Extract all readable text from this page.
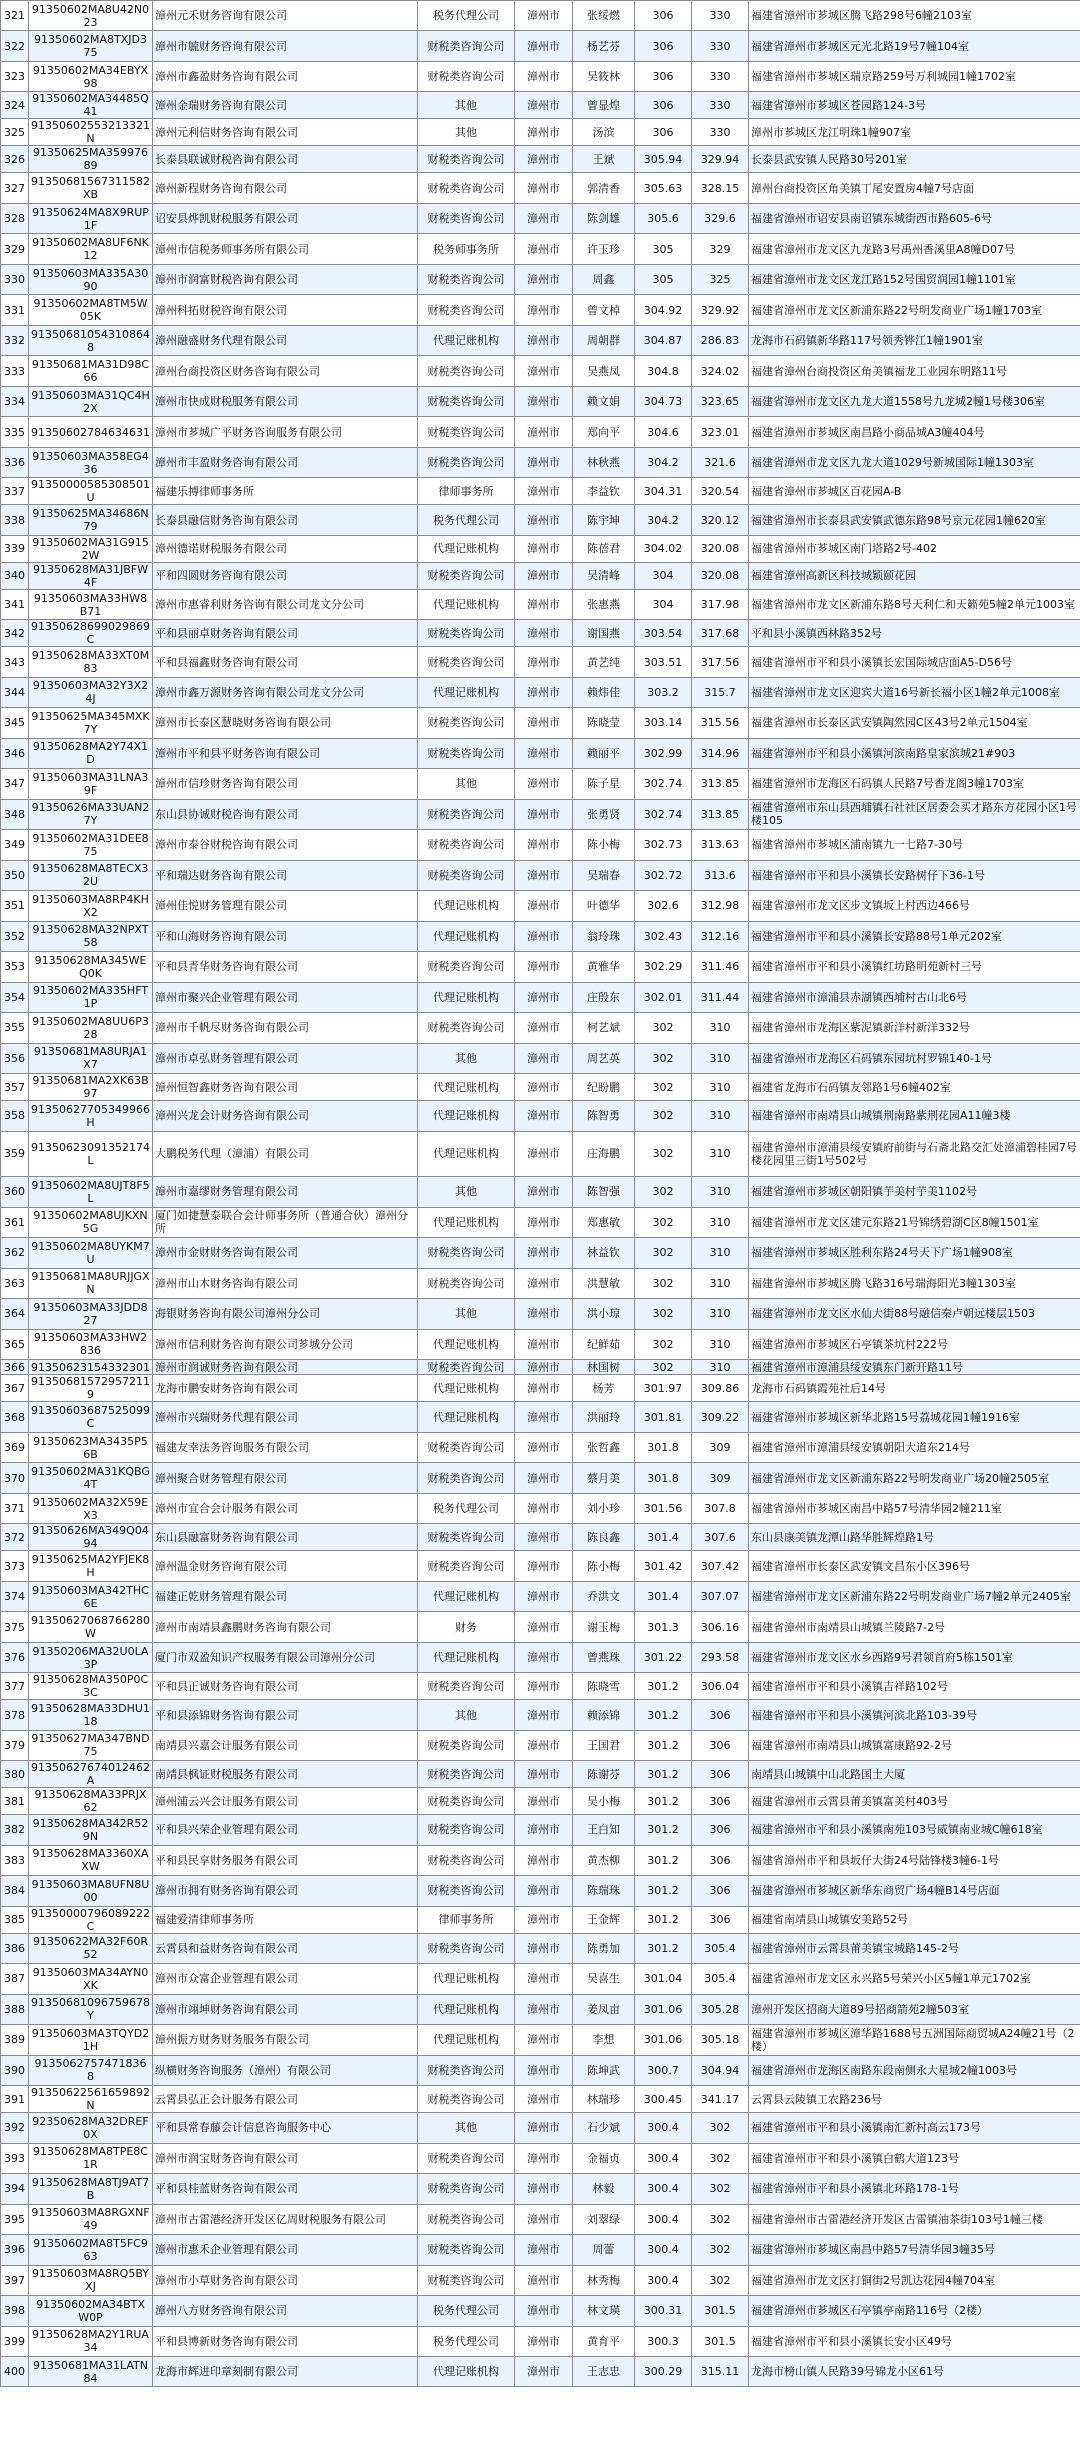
321	91350602MA8U42N023	漳州元禾财务咨询有限公司	税务代理公司	漳州市	张绥燃	306	330	福建省漳州市芗城区腾飞路298号6幢2103室
322	91350602MA8TXJD375	漳州市毓财务咨询有限公司	财税类咨询公司	漳州市	杨艺芬	306	330	福建省漳州市芗城区元光北路19号7幢104室
323	91350602MA34EBYX98	漳州市鑫盈财务咨询有限公司	财税类咨询公司	漳州市	吴筱林	306	330	福建省漳州市芗城区瑞京路259号万利城园1幢1702室
324	91350602MA34485Q41	漳州金瑞财务咨询有限公司	其他	漳州市	曾显煌	306	330	福建省漳州市芗城区苍园路124-3号
325	91350602553213321N	漳州元利信财务咨询有限公司	其他	漳州市	汤滨	306	330	漳州市芗城区龙江明珠1幢907室
326	91350625MA35997689	长泰县联诚财税咨询有限公司	财税类咨询公司	漳州市	王斌	305.94	329.94	长泰县武安镇人民路30号201室
327	91350681567311582XB	漳州新程财务咨询有限公司	财税类咨询公司	漳州市	郭清香	305.63	328.15	漳州台商投资区角美镇丁尾安置房4幢7号店面
328	91350624MA8X9RUP1F	诏安县烨凯财税服务有限公司	财税类咨询公司	漳州市	陈剑雄	305.6	329.6	福建省漳州市诏安县南诏镇东城街西市路605-6号
329	91350602MA8UF6NK12	漳州市信税务师事务所有限公司	税务师事务所	漳州市	许玉珍	305	329	福建省漳州市龙文区九龙路3号禹州香溪里A8幢D07号
330	91350603MA335A3090	漳州市润富财税咨询有限公司	财税类咨询公司	漳州市	周鑫	305	325	福建省漳州市龙文区龙江路152号国贸润园1幢1101室
331	91350602MA8TM5W05K	漳州科拓财税咨询有限公司	财税类咨询公司	漳州市	曾文棹	304.92	329.92	福建省漳州市龙文区新浦东路22号明发商业广场1幢1703室
332	91350681054310864 8	漳州融盛财务代理有限公司	代理记账机构	漳州市	周朝群	304.87	286.83	龙海市石码镇新华路117号领秀铧江1幢1901室
333	91350681MA31D98C66	漳州台商投资区财务咨询有限公司	财税类咨询公司	漳州市	吴燕凤	304.8	324.02	福建省漳州台商投资区角美镇福龙工业园东明路11号
334	91350603MA31QC4H2X	漳州市快成财税服务有限公司	财税类咨询公司	漳州市	赖文娟	304.73	323.65	福建省漳州市龙文区九龙大道1558号九龙城2幢1号楼306室
335	91350602784634631	漳州市芗城广平财务咨询服务有限公司	财税类咨询公司	漳州市	郑向平	304.6	323.01	福建省漳州市芗城区南昌路小商品城A3幢404号
336	91350603MA358EG436	漳州市丰盈财务咨询有限公司	财税类咨询公司	漳州市	林秋燕	304.2	321.6	福建省漳州市龙文区九龙大道1029号新城国际1幢1303室
337	91350000585308501U	福建乐搏律师事务所	律师事务所	漳州市	李益钦	304.31	320.54	福建省漳州市芗城区百花园A-B
338	91350625MA34686N79	长泰县融信财务咨询有限公司	税务代理公司	漳州市	陈宇坤	304.2	320.12	福建省漳州市长泰县武安镇武德东路98号京元花园1幢620室
339	91350602MA31G9152W	漳州德诺财税服务有限公司	代理记账机构	漳州市	陈蓓君	304.02	320.08	福建省漳州市芗城区南门塔路2号-402
340	91350628MA31JBFW4F	平和四圆财务咨询有限公司	财税类咨询公司	漳州市	吴清峰	304	320.08	福建省漳州高新区科技城颖颐花园
341	91350603MA33HW8B71	漳州市惠睿利财务咨询有限公司龙文分公司	代理记账机构	漳州市	张惠燕	304	317.98	福建省漳州市龙文区新浦东路8号天利仁和天籁苑5幢2单元1003室
342	91350628699029869C	平和县丽卓财务咨询有限公司	财税类咨询公司	漳州市	谢国燕	303.54	317.68	平和县小溪镇西林路352号
343	91350628MA33XT0M83	平和县福鑫财务咨询有限公司	财税类咨询公司	漳州市	黄艺纯	303.51	317.56	福建省漳州市平和县小溪镇长宏国际城店面A5-D56号
344	91350603MA32Y3X24J	漳州市鑫万源财务咨询有限公司龙文分公司	代理记账机构	漳州市	赖炜佳	303.2	315.7	福建省漳州市龙文区迎宾大道16号新长福小区1幢2单元1008室
345	91350625MA345MXK7Y	漳州市长泰区慧晓财务咨询有限公司	财税类咨询公司	漳州市	陈晓莹	303.14	315.56	福建省漳州市长泰区武安镇陶然园C区43号2单元1504室
346	91350628MA2Y74X1D	漳州市平和县平财务咨询有限公司	财税类咨询公司	漳州市	赖丽平	302.99	314.96	福建省漳州市平和县小溪镇河滨南路皇家滨城21#903
347	91350603MA31LNA39F	漳州市信珍财务咨询有限公司	其他	漳州市	陈子星	302.74	313.85	福建省漳州市龙海区石码镇人民路7号香龙阁3幢1703室
348	91350626MA33UAN27Y	东山县协诚财税咨询有限公司	财税类咨询公司	漳州市	张勇贤	302.74	313.85	福建省漳州市东山县西埔镇石社社区居委会买才路东方花园小区1号楼105
349	91350602MA31DEE875	漳州市泰谷财税咨询有限公司	财税类咨询公司	漳州市	陈小梅	302.73	313.63	福建省漳州市芗城区浦南镇九一七路7-30号
350	91350628MA8TECX32U	平和瑞达财务咨询有限公司	财税类咨询公司	漳州市	吴瑞春	302.72	313.6	福建省漳州市平和县小溪镇长安路树仔下36-1号
351	91350603MA8RP4KHX2	漳州佳悦财务管理有限公司	代理记账机构	漳州市	叶德华	302.6	312.98	福建省漳州市龙文区步文镇坂上村西边466号
352	91350628MA32NPXT58	平和山海财务咨询有限公司	代理记账机构	漳州市	翁玲珠	302.43	312.16	福建省漳州市平和县小溪镇长安路88号1单元202室
353	91350628MA345WEQ0K	平和县青华财务咨询有限公司	财税类咨询公司	漳州市	黄雅华	302.29	311.46	福建省漳州市平和县小溪镇红坊路明苑新村三号
354	91350602MA335HFT1P	漳州市聚兴企业管理有限公司	代理记账机构	漳州市	庄殷东	302.01	311.44	福建省漳州市漳浦县赤湖镇西埔村古山北6号
355	91350602MA8UU6P328	漳州市千帆尽财务咨询有限公司	财税类咨询公司	漳州市	柯艺斌	302	310	福建省漳州市龙海区紫泥镇新洋村新洋332号
356	91350681MA8URJA1X7	漳州市卓弘财务管理有限公司	其他	漳州市	周艺英	302	310	福建省漳州市龙海区石码镇东园坑村罗锦140-1号
357	91350681MA2XK63B97	漳州恒智鑫财务咨询有限公司	代理记账机构	漳州市	纪盼鹏	302	310	福建省龙海市石码镇友邻路1号6幢402室
358	91350627705349966H	漳州兴龙会计财务咨询有限公司	代理记账机构	漳州市	陈智勇	302	310	福建省漳州市南靖县山城镇荆南路紫荆花园A11幢3楼
359	91350623091352174L	大鹏税务代理（漳浦）有限公司	代理记账机构	漳州市	庄海鹏	302	310	福建省漳州市漳浦县绥安镇府前街与石斋北路交汇处漳浦碧桂园7号楼花园里三街1号502号
360	91350602MA8UJT8F5L	漳州市嘉缪财务管理有限公司	其他	漳州市	陈智强	302	310	福建省漳州市芗城区朝阳镇芋美村芋美1102号
361	91350602MA8UJKXN5G	厦门如捷慧泰联合会计师事务所（普通合伙）漳州分所	代理记账机构	漳州市	郑惠敏	302	310	福建省漳州市龙文区建元东路21号锦绣碧湖C区8幢1501室
362	91350602MA8UYKM7U	漳州市金财财务咨询有限公司	财税类咨询公司	漳州市	林益钦	302	310	福建省漳州市芗城区胜利东路24号天下广场1幢908室
363	91350681MA8URJJGXN	漳州市山木财务咨询有限公司	财税类咨询公司	漳州市	洪慧敏	302	310	福建省漳州市芗城区腾飞路316号瑞海阳光3幢1303室
364	91350603MA33JDD827	海银财务咨询有限公司漳州分公司	其他	漳州市	洪小琼	302	310	福建省漳州市龙文区水仙大街88号融信秦卢朝远楼层1503
365	91350603MA33HW2836	漳州市信利财务咨询有限公司芗城分公司	代理记账机构	漳州市	纪鲜茹	302	310	福建省漳州市芗城区石亭镇茶坑村222号
366	91350623154332301	漳州市润诚财务咨询有限公司	财税类咨询公司	漳州市	林国树	302	310	福建省漳州市漳浦县绥安镇东门新开路11号
367	91350681572957211 9	龙海市鹏安财务咨询有限公司	代理记账机构	漳州市	杨芳	301.97	309.86	龙海市石码镇霞苑社后14号
368	91350603687525099C	漳州市兴瑞财务代理有限公司	代理记账机构	漳州市	洪丽玲	301.81	309.22	福建省漳州市芗城区新华北路15号荔城花园1幢1916室
369	91350623MA3435P56B	福建友幸法务咨询服务有限公司	财税类咨询公司	漳州市	张哲鑫	301.8	309	福建省漳州市漳浦县绥安镇朝阳大道东214号
370	91350602MA31KQBG4T	漳州聚合财务管理有限公司	财税类咨询公司	漳州市	蔡月美	301.8	309	福建省漳州市龙文区新浦东路22号明发商业广场20幢2505室
371	91350602MA32X59EX3	漳州市宜合会计服务有限公司	税务代理公司	漳州市	刘小珍	301.56	307.8	福建省漳州市芗城区南昌中路57号清华园2幢211室
372	91350626MA349Q0494	东山县融富财务咨询有限公司	财税类咨询公司	漳州市	陈良鑫	301.4	307.6	东山县康美镇龙潭山路华胜辉煌路1号
373	91350625MA2YFJEK8H	漳州温金财务咨询有限公司	财税类咨询公司	漳州市	陈小梅	301.42	307.42	福建省漳州市长泰区武安镇文昌东小区396号
374	91350603MA342THC6E	福建正乾财务管理有限公司	代理记账机构	漳州市	乔洪文	301.4	307.07	福建省漳州市龙文区新浦东路22号明发商业广场7幢2单元2405室
375	91350627068766280W	漳州市南靖县鑫鹏财务咨询有限公司	财务	漳州市	谢玉梅	301.3	306.16	福建省漳州市南靖县山城镇兰陵路7-2号
376	91350206MA32U0LA3P	厦门市双盈知识产权服务有限公司漳州分公司	代理记账机构	漳州市	曾燕珠	301.22	293.58	福建省漳州市龙文区水乡西路9号君领首府5栋1501室
377	91350628MA350P0C3C	平和县正诚财务咨询有限公司	财税类咨询公司	漳州市	陈晓雪	301.2	306.04	福建省漳州市平和县小溪镇吉祥路102号
378	91350628MA33DHU118	平和县添锦财务咨询有限公司	其他	漳州市	赖添锦	301.2	306	福建省漳州市平和县小溪镇河滨北路103-39号
379	91350627MA347BND75	南靖县兴嘉会计服务有限公司	财税类咨询公司	漳州市	王国君	301.2	306	福建省漳州市南靖县山城镇富康路92-2号
380	91350627674012462A	南靖县枫证财税服务有限公司	财税类咨询公司	漳州市	陈谢芬	301.2	306	南靖县山城镇中山北路国土大厦
381	91350628MA33PRJX62	漳州浦云兴会计服务有限公司	财税类咨询公司	漳州市	吴小梅	301.2	306	福建省漳州市云霄县莆美镇富美村403号
382	91350628MA342R529N	平和县兴荣企业管理有限公司	财税类咨询公司	漳州市	王白知	301.2	306	福建省漳州市平和县小溪镇南苑103号威镇南业城C幢618室
383	91350628MA3360XAXW	平和县民享财务服务有限公司	财税类咨询公司	漳州市	黄杰柳	301.2	306	福建省漳州市平和县坂仔大街24号陆锋楼3幢6-1号
384	91350603MA8UFN8U00	漳州市拥有财务咨询有限公司	财税类咨询公司	漳州市	陈瑞珠	301.2	306	福建省漳州市芗城区新华东商贸广场4幢B14号店面
385	91350000796089222C	福建爱清律师事务所	律师事务所	漳州市	王金辉	301.2	306	福建省南靖县山城镇安美路52号
386	91350622MA32F60R52	云霄县和益财务咨询有限公司	财税类咨询公司	漳州市	陈勇加	301.2	305.4	福建省漳州市云霄县莆美镇宝城路145-2号
387	91350603MA34AYN0XK	漳州市众富企业管理有限公司	代理记账机构	漳州市	吴喜生	301.04	305.4	福建省漳州市龙文区永兴路5号荣兴小区5幢1单元1702室
388	91350681096759678Y	漳州市翊坤财务咨询有限公司	代理记账机构	漳州市	姜凤亩	301.06	305.28	漳州开发区招商大道89号招商箭苑2幢503室
389	91350603MA3TQYD21H	漳州振方财务财务服务有限公司	代理记账机构	漳州市	李想	301.06	305.18	福建省漳州市芗城区漳华路1688号五洲国际商贸城A24幢21号（2楼）
390	9135062757471836 8	纵横财务咨询服务（漳州）有限公司	财税类咨询公司	漳州市	陈坤武	300.7	304.94	福建省漳州市龙海区南路东段南侧永大星城2幢1003号
391	91350622561659892N	云霄县弘正会计服务有限公司	财税类咨询公司	漳州市	林瑞珍	300.45	341.17	云霄县云陵镇工农路236号
392	92350628MA32DREF0X	平和县常春藤会计信息咨询服务中心	其他	漳州市	石少斌	300.4	302	福建省漳州市平和县小溪镇南汇新村高云173号
393	91350628MA8TPE8C1R	漳州市润宝财务咨询有限公司	财税类咨询公司	漳州市	金福贞	300.4	302	福建省漳州市平和县小溪镇白鹤大道123号
394	91350628MA8TJ9AT7B	平和县桂蓝财务咨询有限公司	财税类咨询公司	漳州市	林毅	300.4	302	福建省漳州市平和县小溪镇北环路178-1号
395	91350603MA8RGXNF49	漳州市古雷港经济开发区亿周财税服务有限公司	财税类咨询公司	漳州市	刘翠绿	300.4	302	福建省漳州市古雷港经济开发区古雷镇油茶街103号1幢三楼
396	91350602MA8T5FC963	漳州市惠禾企业管理有限公司	财税类咨询公司	漳州市	周蕾	300.4	302	福建省漳州市芗城区南昌中路57号清华园3幢35号
397	91350603MA8RQ5BYXJ	漳州市小草财务咨询有限公司	财税类咨询公司	漳州市	林秀梅	300.4	302	福建省漳州市龙文区打铜街2号凯达花园4幢704室
398	91350602MA34BTXW0P	漳州八方财务咨询有限公司	税务代理公司	漳州市	林文瑛	300.31	301.5	福建省漳州市芗城区石亭镇亭南路116号（2楼）
399	91350628MA2Y1RUA34	平和县博新财务咨询有限公司	税务代理公司	漳州市	黄育平	300.3	301.5	福建省漳州市平和县小溪镇长安小区49号
400	91350681MA31LATN84	龙海市辉进印章刻制有限公司	代理记账机构	漳州市	王志忠	300.29	315.11	龙海市榜山镇人民路39号锦龙小区61号
